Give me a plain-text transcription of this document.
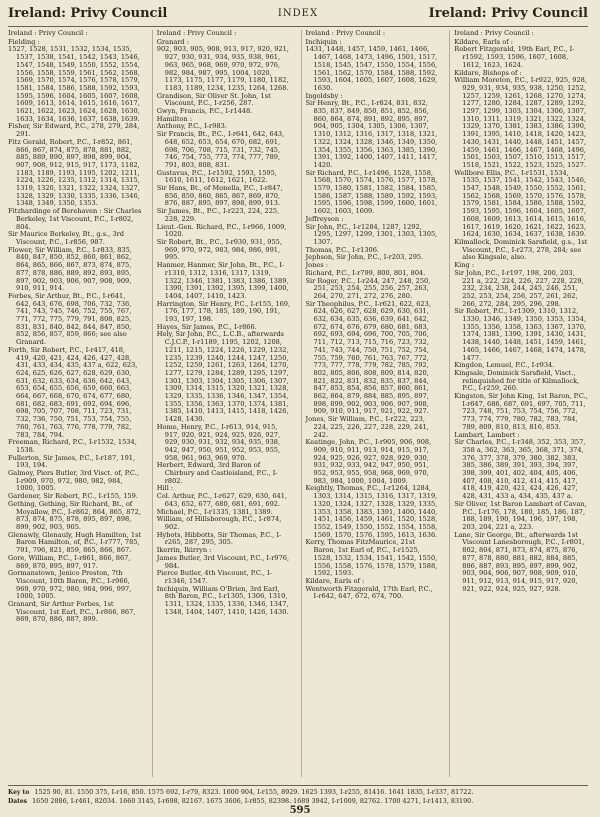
Ireland: Privy Council	INDEX	Ireland: Privy Council
Ireland : Privy Council :

Fielding :

1527, 1528, 1531, 1532, 1534, 1535, 1537, 1538, 1541, 1542, 1543, 1546, 1547, 1548, 1549, 1550, 1552, 1554, 1556, 1558, 1559, 1561, 1562, 1568, 1569, 1570, 1574, 1576, 1578, 1579, 1581, 1584, 1586, 1588, 1592, 1593, 1595, 1596, 1604, 1605, 1607, 1608, 1609, 1613, 1614, 1615, 1616, 1617, 1621, 1622, 1623, 1624, 1628, 1630, 1633, 1634, 1636, 1637, 1638, 1639.

Fisher, Sir Edward, P.C., 278, 279, 284, 291.

Fitz Gerald, Robert, P.C., I-r852, 861, 866, 867, 874, 875, 878, 881, 882, 885, 889, 890, 897, 898, 899, 904, 907, 908, 912, 915, 917, 1173, 1182, 1183, 1189, 1193, 1195, 1202, 1211, 1224, 1226, 1235, 1312, 1314, 1315, 1319, 1320, 1321, 1322, 1324, 1327, 1328, 1329, 1330, 1335, 1336, 1346, 1348, 1349, 1350, 1353.

Fitzhardinge of Berehaven : Sir Charles Berkeley, 1st Viscount, P.C., I-r802, 804.

Sir Maurice Berkeley, Bt., g.s., 3rd Viscount, P.C., I-r856, 987.

Flower, Sir William, P.C., I-r833, 835, 840, 847, 850, 852, 860, 861, 862, 864, 865, 866, 867, 873, 874, 875, 877, 878, 886, 889, 892, 893, 895, 897, 902, 903, 906, 907, 908, 909, 910, 911, 914.

Forbes, Sir Arthur, Bt., P.C., I-r641, 642, 643, 676, 698, 706, 732, 736, 741, 743, 745, 746, 752, 755, 767, 771, 772, 775, 779, 791, 808, 825, 831, 831, 840, 842, 844, 847, 850, 852, 856, 857, 859, 866; see also Granard.

Forth, Sir Robert, P.C., I-r417, 418, 419, 420, 421, 424, 426, 427, 428, 431, 433, 434, 435, 437 a, 622, 623, 624, 625, 626, 627, 628, 629, 630, 631, 632, 633, 634, 636, 642, 643, 653, 654, 655, 656, 659, 660, 663, 664, 667, 668, 670, 674, 677, 680, 681, 682, 683, 691, 692, 694, 696, 698, 705, 707, 708, 711, 723, 731, 732, 736, 750, 751, 753, 754, 755, 760, 761, 763, 776, 778, 779, 782, 783, 784, 794.

Freeman, Richard, P.C., I-r1532, 1534, 1538.

Fullerton, Sir James, P.C., I-r187, 191, 193, 194.

Galmoy, Piers Butler, 3rd Visct. of, P.C., I-r909, 970, 972, 980, 982, 984, 1000, 1005.

Gardener, Sir Robert, P.C., I-r155, 159.

Gething, Gething, Sir Richard, Bt., of Moyallow, P.C., I-r862, 864, 865, 872, 873, 874, 875, 878, 895, 897, 898, 899, 902, 903, 905.

Glenawly, Glenauly, Hugh Hamilton, 1st Baron Hamilton, of, P.C., I-r777, 785, 791, 796, 821, 859, 865, 866, 867.

Gore, William, P.C., I-r861, 866, 867, 869, 870, 895, 897, 917.

Gormanstown, Jenico Preston, 7th Viscount, 10th Baron, P.C., I-r966, 969, 970, 972, 980, 984, 996, 997, 1000, 1005.

Granard, Sir Arthur Forbes, 1st Viscount, 1st Earl, P.C., I-r866, 867, 869, 870, 886, 887, 899.

Ireland : Privy Council :

Granard :

902, 903, 905, 908, 913, 917, 920, 921, 927, 930, 931, 934, 935, 938, 961, 963, 965, 968, 969, 970, 972, 976, 982, 984, 987, 995, 1004, 1020, 1173, 1175, 1177, 1179, 1180, 1182, 1183, 1189, 1234, 1235, 1264, 1268.

Grandison, Sir Oliver St. John, 1st Viscount, P.C., I-r256, 287.

Gwyn, Francis, P.C., I-r1448.

Hamilton :

Anthony, P.C., I-r983.

Sir Francis, Bt., P.C., I-r641, 642, 643, 648, 652, 653, 654, 670, 682, 691, 698, 706, 708, 715, 731, 732, 745, 746, 754, 755, 773, 774, 777, 789, 791, 803, 808, 831.

Gustavus, P.C., I-r1592, 1593, 1595, 1610, 1611, 1612, 1621, 1622.

Sir Hans, Bt., of Monella, P.C., I-r847, 856, 859, 860, 865, 867, 869, 870, 876, 887, 895, 897, 898, 899, 913.

Sir James, Bt., P.C., I-r223, 224, 225, 228, 229.

Lieut.-Gen. Richard, P.C., I-r966, 1009, 1020.

Sir Robert, Bt., P.C., I-r930, 931, 955, 969, 970, 972, 983, 984, 986, 991, 995.

Hanmer, Hanmer, Sir John, Bt., P.C., I-r1310, 1312, 1316, 1317, 1319, 1322, 1346, 1381, 1383, 1386, 1389, 1390, 1391, 1392, 1395, 1399, 1400, 1404, 1407, 1410, 1423.

Harrington, Sir Henry, P.C., I-r155, 169, 176, 177, 178, 185, 189, 190, 191, 193, 197, 198.

Hayes, Sir James, P.C., I-r866.

Hely, Sir John, P.C., L.C.B., afterwards C.J.C.P., I-r1189, 1195, 1202, 1208, 1211, 1215, 1224, 1226, 1229, 1232, 1235, 1239, 1240, 1244, 1247, 1250, 1252, 1259, 1261, 1263, 1264, 1270, 1277, 1279, 1284, 1289, 1295, 1297, 1301, 1303, 1304, 1305, 1306, 1307, 1309, 1314, 1315, 1320, 1321, 1328, 1329, 1335, 1336, 1346, 1347, 1354, 1355, 1356, 1363, 1370, 1374, 1381, 1385, 1410, 1413, 1415, 1418, 1426, 1428, 1430.

Home, Henry, P.C., I-r613, 914, 915, 917, 920, 921, 924, 925, 926, 927, 929, 930, 931, 932, 934, 935, 938, 942, 947, 950, 951, 952, 953, 955, 958, 961, 963, 969, 970.

Herbert, Edward, 3rd Baron of Chirbury and Castleisland, P.C., I-r802.

Hill :

Col. Arthur, P.C., I-r627, 629, 630, 641, 643, 652, 677, 680, 681, 691, 692.

Michael, P.C., I-r1335, 1381, 1389.

William, of Hillsborough, P.C., I-r874, 902.

Hybots, Hibbotts, Sir Thomas, P.C., I-r265, 287, 295, 305.

Ikerrin, Ikirryn :

James Butler, 3rd Viscount, P.C., I-r976, 984.

Pierce Butler, 4th Viscount, P.C., I-r1346, 1547.

Inchiquin, William O'Brien, 3rd Earl, 8th Baron, P.C., I-r1305, 1306, 1310, 1311, 1324, 1335, 1336, 1346, 1347, 1348, 1404, 1407, 1410, 1426, 1430.

Ireland : Privy Council :

Inchiquin :

1431, 1448, 1457, 1459, 1461, 1466, 1467, 1468, 1473, 1496, 1501, 1517, 1518, 1545, 1547, 1550, 1554, 1556, 1561, 1562, 1570, 1584, 1588, 1592, 1593, 1604, 1605, 1607, 1608, 1629, 1630.

Ingoldsby :

Sir Henry, Bt., P.C., I-r824, 831, 832, 835, 837, 849, 850, 851, 852, 856, 860, 864, 874, 891, 892, 895, 897, 904, 905, 1304, 1305, 1306, 1307, 1310, 1312, 1316, 1317, 1318, 1321, 1322, 1324, 1328, 1346, 1349, 1350, 1354, 1355, 1356, 1363, 1385, 1390, 1391, 1392, 1400, 1407, 1411, 1417, 1420.

Sir Richard, P.C., I-r1496, 1528, 1558, 1568, 1570, 1574, 1576, 1577, 1578, 1579, 1580, 1581, 1582, 1584, 1585, 1586, 1587, 1588, 1589, 1592, 1593, 1595, 1596, 1598, 1599, 1600, 1601, 1602, 1603, 1609.

Jeffreyson :

Sir John, P.C., I-r1284, 1287, 1292, 1295, 1297, 1299, 1301, 1303, 1305, 1307.

Thomas, P.C., I-r1306.

Jephson, Sir John, P.C., I-r203, 295.

Jones :

Richard, P.C., I-r799, 800, 801, 804.

Sir Roger, P.C., I-r244, 247, 248, 250, 251, 253, 254, 255, 256, 257, 263, 264, 270, 271, 272, 276, 280.

Sir Theophilus, P.C., I-r621, 622, 623, 624, 626, 627, 628, 629, 630, 631, 632, 634, 635, 636, 639, 641, 642, 672, 674, 676, 679, 680, 681, 683, 692, 693, 694, 696, 700, 705, 706, 711, 712, 713, 715, 716, 723, 732, 741, 743, 744, 750, 751, 752, 754, 755, 759, 760, 761, 763, 767, 772, 773, 777, 778, 779, 782, 785, 792, 802, 805, 806, 808, 809, 814, 820, 821, 822, 831, 832, 835, 837, 844, 847, 853, 854, 856, 857, 860, 861, 862, 864, 879, 884, 885, 895, 897, 898, 899, 902, 903, 906, 907, 908, 909, 910, 911, 917, 921, 922, 927.

Jones, Sir William, P.C., I-r222, 223, 224, 225, 226, 227, 228, 229, 241, 242.

Keatinge, John, P.C., I-r905, 906, 908, 909, 910, 911, 913, 914, 915, 917, 924, 925, 926, 927, 928, 929, 930, 931, 932, 933, 942, 947, 950, 951, 952, 953, 955, 958, 968, 969, 970, 983, 984, 1000, 1004, 1009.

Keightly, Thomas, P.C., I-r1264, 1284, 1303, 1314, 1315, 1316, 1317, 1319, 1320, 1324, 1327, 1328, 1329, 1335, 1353, 1358, 1383, 1391, 1400, 1440, 1451, 1456, 1459, 1461, 1520, 1528, 1552, 1549, 1550, 1552, 1554, 1558, 1569, 1570, 1576, 1595, 1613, 1636.

Kerry, Thomas FitzMaurice, 21st Baron, 1st Earl of, P.C., I-r1525, 1528, 1532, 1534, 1541, 1542, 1550, 1556, 1558, 1576, 1578, 1579, 1588, 1592, 1593.

Kildare, Earls of :

Wentworth Fitzgerald, 17th Earl, P.C., I-r642, 647, 672, 674, 700.

Ireland : Privy Council :

Kildare, Earls of :

Robert Fitzgerald, 19th Earl, P.C., I-r1592, 1593, 1596, 1607, 1608, 1612, 1623, 1624.

Kildare, Bishops of :

William Moreton, P.C., I-r922, 925, 928, 929, 931, 934, 935, 938, 1250, 1252, 1257, 1259, 1261, 1268, 1270, 1274, 1277, 1280, 1284, 1287, 1289, 1292, 1297, 1299, 1303, 1304, 1306, 1307, 1310, 1311, 1319, 1321, 1322, 1324, 1329, 1370, 1381, 1383, 1386, 1390, 1391, 1395, 1410, 1418, 1420, 1423, 1430, 1431, 1440, 1448, 1451, 1457, 1459, 1461, 1466, 1467, 1468, 1496, 1501, 1503, 1507, 1510, 1513, 1517, 1518, 1521, 1522, 1523, 1525, 1527.

Wellbore Ellis, P.C., I-r1531, 1534, 1535, 1537, 1541, 1542, 1543, 1546, 1547, 1548, 1549, 1550, 1552, 1561, 1562, 1568, 1569, 1570, 1576, 1578, 1579, 1581, 1584, 1586, 1588, 1592, 1593, 1595, 1596, 1604, 1605, 1607, 1608, 1609, 1613, 1614, 1615, 1616, 1617, 1619, 1620, 1621, 1622, 1623, 1624, 1630, 1634, 1637, 1638, 1639.

Kilmallock, Dominick Sarsfield, g.s., 1st Viscount, P.C., I-r273, 278, 284; see also Kingsale, also.

King :

Sir John, P.C., I-r197, 198, 200, 203, 221 a, 222, 224, 226, 227, 228, 229, 232, 234, 238, 244, 245, 246, 251, 252, 253, 254, 256, 257, 261, 262, 266, 272, 284, 295, 296, 298.

Sir Robert, P.C., I-r1309, 1310, 1312, 1330, 1346, 1349, 1350, 1353, 1354, 1355, 1356, 1358, 1363, 1367, 1370, 1374, 1381, 1390, 1391, 1430, 1431, 1438, 1440, 1448, 1451, 1459, 1461, 1465, 1466, 1467, 1468, 1474, 1478, 1477.

Kingdon, Lemuel, P.C., I-r934.

Kingsale, Dominick Sarsfield, Visct., relinquished for title of Kilmallock, P.C., I-r259, 260.

Kingston, Sir John King, 1st Baron, P.C., I-r647, 686, 687, 691, 697, 705, 711, 723, 748, 751, 753, 754, 756, 772, 773, 774, 779, 780, 782, 783, 784, 789, 809, 810, 813, 816, 853.

Lambart, Lambert :

Sir Charles, P.C., I-r348, 352, 353, 357, 358 a, 362, 363, 365, 368, 371, 374, 376, 377, 378, 379, 380, 382, 383, 385, 386, 389, 391, 393, 394, 397, 398, 399, 401, 402, 404, 405, 406, 407, 408, 410, 412, 414, 415, 417, 418, 419, 420, 421, 424, 426, 427, 428, 431, 433 a, 434, 435, 437 a.

Sir Oliver, 1st Baron Lambart of Cavan, P.C., I-r176, 178, 180, 185, 186, 187, 188, 189, 190, 194, 196, 197, 198, 203, 204, 221 a, 223.

Lane, Sir George, Bt., afterwards 1st Viscount Lanesborough, P.C., I-r801, 802, 804, 871, 873, 874, 875, 876, 877, 878, 880, 881, 882, 884, 885, 886, 887, 893, 895, 897, 899, 902, 903, 904, 906, 907, 908, 909, 910, 911, 912, 913, 914, 915, 917, 920, 921, 922, 924, 925, 927, 928.

Key to 1525 90, 81. 1550 375, I-r16, 850. 1575 692, I-r79, 8323. 1600 904, I-r155, 8929. 1625 1393, I-r255, 81416. 1641 1835, I-r337, 81722.
Dates 1650 2886, I-r461, 82034. 1660 3145, I-r698, 82167. 1675 3606, I-r855, 82398. 1689 3942, I-r1009, 82762. 1700 4271, I-r1413, 83190.
595
